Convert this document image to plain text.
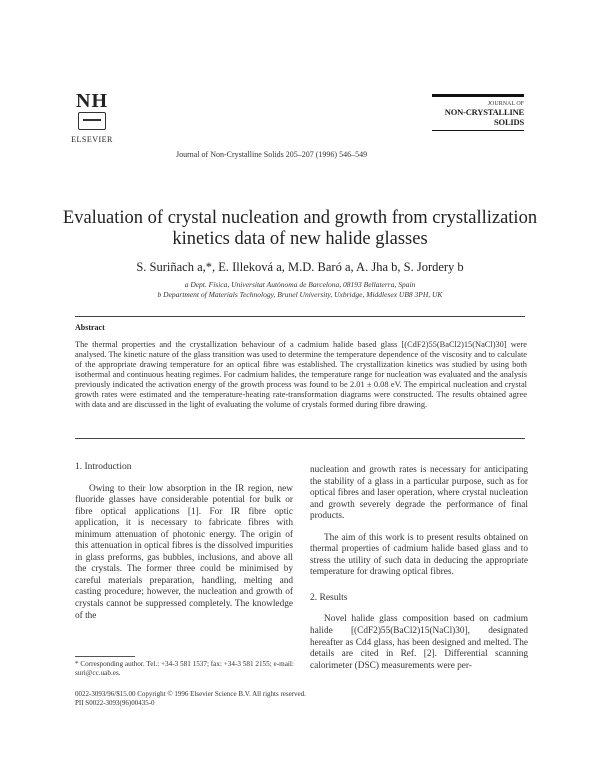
NH
ELSEVIER
Journal of Non-Crystalline Solids 205–207 (1996) 546–549
JOURNAL OF
NON-CRYSTALLINE SOLIDS
Evaluation of crystal nucleation and growth from crystallization kinetics data of new halide glasses
S. Suriñach a,*, E. Illeková a, M.D. Baró a, A. Jha b, S. Jordery b
a Dept. Física, Universitat Autònoma de Barcelona, 08193 Bellaterra, Spain
b Department of Materials Technology, Brunel University, Uxbridge, Middlesex UB8 3PH, UK
Abstract
The thermal properties and the crystallization behaviour of a cadmium halide based glass [(CdF2)55(BaCl2)15(NaCl)30] were analysed. The kinetic nature of the glass transition was used to determine the temperature dependence of the viscosity and to calculate of the appropriate drawing temperature for an optical fibre was established. The crystallization kinetics was studied by using both isothermal and continuous heating regimes. For cadmium halides, the temperature range for nucleation was evaluated and the analysis previously indicated the activation energy of the growth process was found to be 2.01 ± 0.08 eV. The empirical nucleation and crystal growth rates were estimated and the temperature-heating rate-transformation diagrams were constructed. The results obtained agree with data and are discussed in the light of evaluating the volume of crystals formed during fibre drawing.
1. Introduction

Owing to their low absorption in the IR region, new fluoride glasses have considerable potential for bulk or fibre optical applications [1]. For IR fibre optic application, it is necessary to fabricate fibres with minimum attenuation of photonic energy. The origin of this attenuation in optical fibres is the dissolved impurities in glass preforms, gas bubbles, inclusions, and above all the crystals. The former three could be minimised by careful materials preparation, handling, melting and casting procedure; however, the nucleation and growth of crystals cannot be suppressed completely. The knowledge of the

nucleation and growth rates is necessary for anticipating the stability of a glass in a particular purpose, such as for optical fibres and laser operation, where crystal nucleation and growth severely degrade the performance of final products.

The aim of this work is to present results obtained on thermal properties of cadmium halide based glass and to stress the utility of such data in deducing the appropriate temperature for drawing optical fibres.

2. Results

Novel halide glass composition based on cadmium halide [(CdF2)55(BaCl2)15(NaCl)30], designated hereafter as Cd4 glass, has been designed and melted. The details are cited in Ref. [2]. Differential scanning calorimeter (DSC) measurements were per-

* Corresponding author. Tel.: +34-3 581 1537; fax: +34-3 581 2155; e-mail: suri@cc.uab.es.
0022-3093/96/$15.00 Copyright © 1996 Elsevier Science B.V. All rights reserved.
PII S0022-3093(96)00435-0
